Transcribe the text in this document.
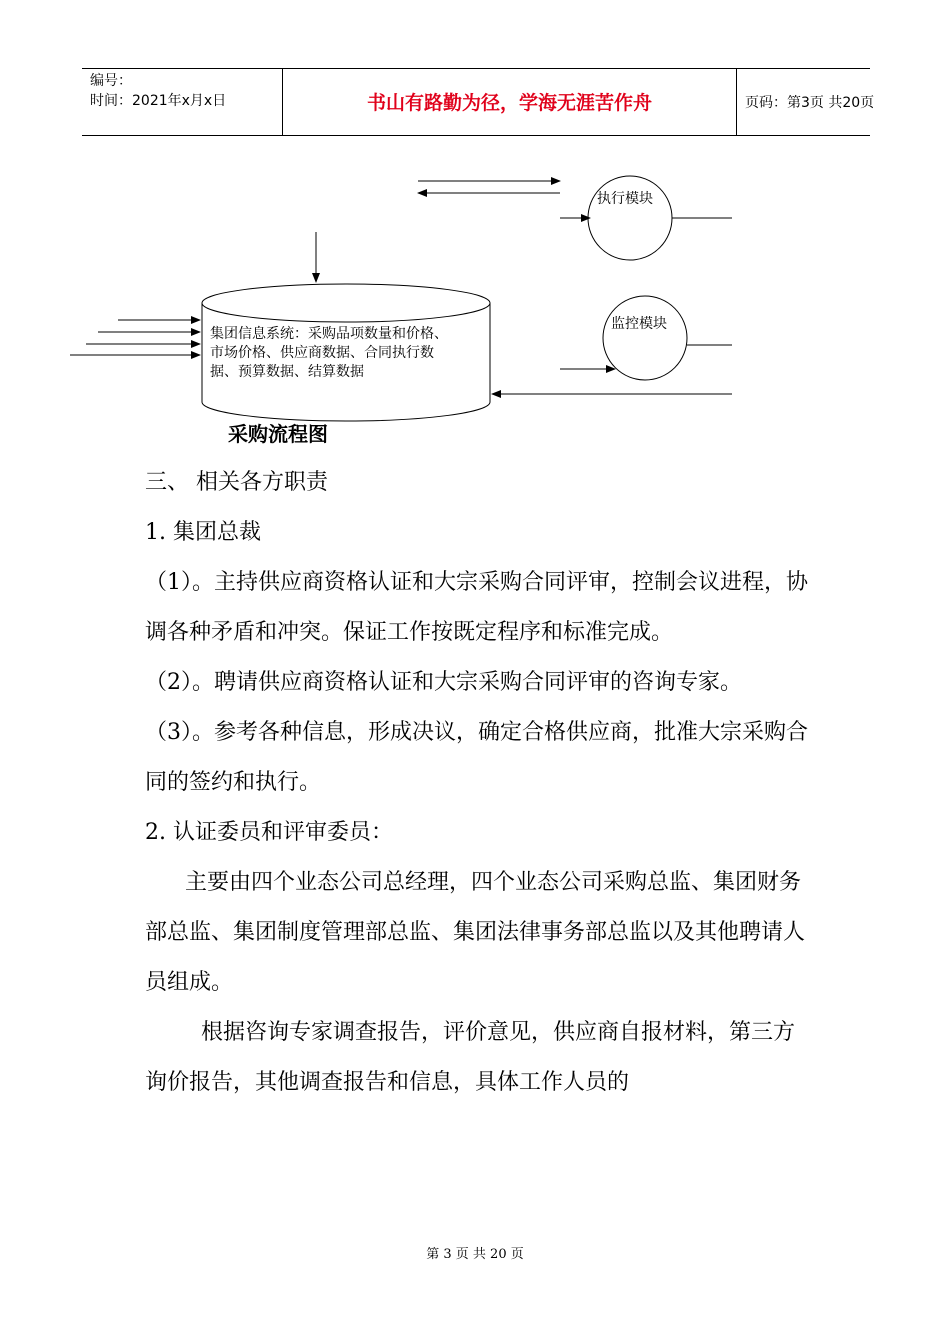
编号：
时间：2021年x月x日	书山有路勤为径，学海无涯苦作舟	页码：第3页 共20页
执行模块
监控模块
集团信息系统：采购品项数量和价格、
市场价格、供应商数据、合同执行数
据、预算数据、结算数据
采购流程图

三、 相关各方职责

1. 集团总裁

（1）。主持供应商资格认证和大宗采购合同评审，控制会议进程，协调各种矛盾和冲突。保证工作按既定程序和标准完成。

（2）。聘请供应商资格认证和大宗采购合同评审的咨询专家。

（3）。参考各种信息，形成决议，确定合格供应商，批准大宗采购合同的签约和执行。

2. 认证委员和评审委员：

主要由四个业态公司总经理，四个业态公司采购总监、集团财务部总监、集团制度管理部总监、集团法律事务部总监以及其他聘请人员组成。

根据咨询专家调查报告，评价意见，供应商自报材料，第三方询价报告，其他调查报告和信息，具体工作人员的

第 3 页 共 20 页
